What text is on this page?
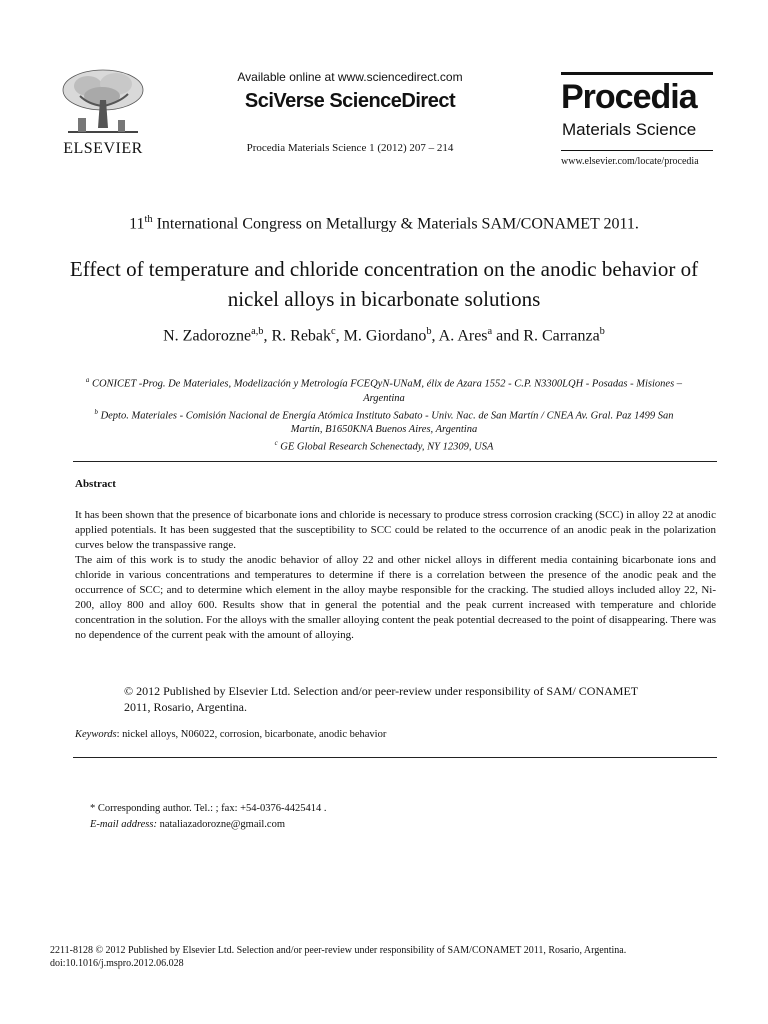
ELSEVIER
Available online at www.sciencedirect.com
SciVerse ScienceDirect
Procedia Materials Science 1 (2012) 207 – 214
Procedia
Materials Science
www.elsevier.com/locate/procedia
11th International Congress on Metallurgy & Materials SAM/CONAMET 2011.
Effect of temperature and chloride concentration on the anodic behavior of nickel alloys in bicarbonate solutions
N. Zadorozne$^{a,b}$, R. Rebak$^c$, M. Giordano$^b$, A. Ares$^a$ and R. Carranza$^b$

$^a$ CONICET -Prog. De Materiales, Modelización y Metrología FCEQyN-UNaM, élix de Azara 1552 - C.P. N3300LQH - Posadas - Misiones – Argentina

$^b$ Depto. Materiales - Comisión Nacional de Energía Atómica Instituto Sabato - Univ. Nac. de San Martín / CNEA Av. Gral. Paz 1499 San Martín, B1650KNA Buenos Aires, Argentina

$^c$ GE Global Research Schenectady, NY 12309, USA

Abstract

It has been shown that the presence of bicarbonate ions and chloride is necessary to produce stress corrosion cracking (SCC) in alloy 22 at anodic applied potentials. It has been suggested that the susceptibility to SCC could be related to the occurrence of an anodic peak in the polarization curves below the transpassive range.

The aim of this work is to study the anodic behavior of alloy 22 and other nickel alloys in different media containing bicarbonate ions and chloride in various concentrations and temperatures to determine if there is a correlation between the presence of the anodic peak and the occurrence of SCC; and to determine which element in the alloy maybe responsible for the cracking. The studied alloys included alloy 22, Ni-200, alloy 800 and alloy 600. Results show that in general the potential and the peak current increased with temperature and chloride concentration in the solution. For the alloys with the smaller alloying content the peak potential decreased to the point of disappearing. There was no dependence of the current peak with the amount of alloying.

© 2012 Published by Elsevier Ltd. Selection and/or peer-review under responsibility of SAM/ CONAMET 2011, Rosario, Argentina.
Keywords: nickel alloys, N06022, corrosion, bicarbonate, anodic behavior
* Corresponding author. Tel.: ; fax: +54-0376-4425414 .
E-mail address: nataliazadorozne@gmail.com
2211-8128 © 2012 Published by Elsevier Ltd. Selection and/or peer-review under responsibility of SAM/CONAMET 2011, Rosario, Argentina.
doi:10.1016/j.mspro.2012.06.028
